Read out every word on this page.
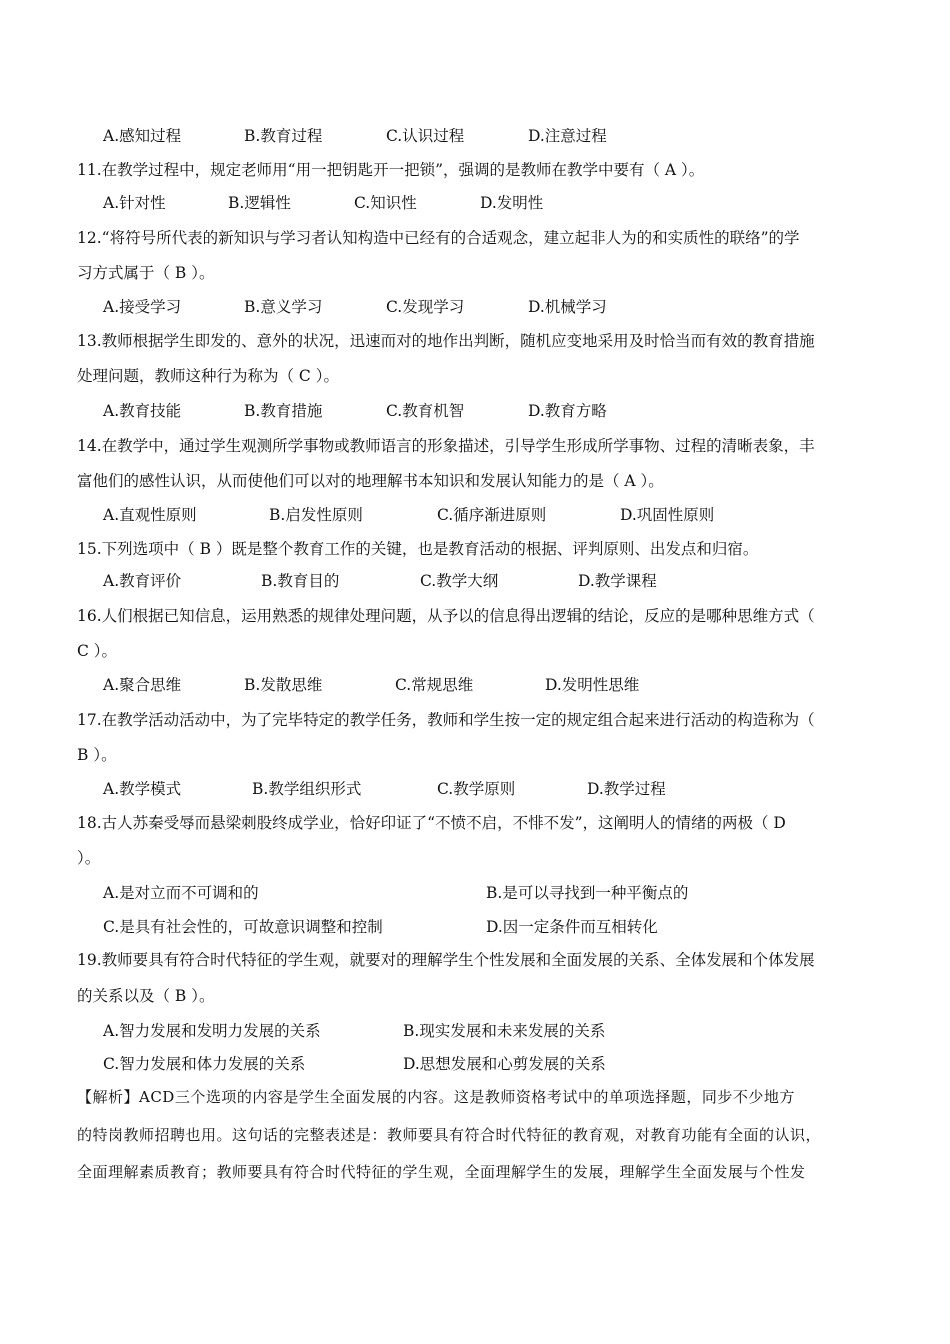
A.感知过程	B.教育过程	C.认识过程	D.注意过程
11.在教学过程中，规定老师用“用一把钥匙开一把锁”，强调的是教师在教学中要有（ A ）。
A.针对性	B.逻辑性	C.知识性	D.发明性
12.“将符号所代表的新知识与学习者认知构造中已经有的合适观念，建立起非人为的和实质性的联络”的学
习方式属于（ B ）。
A.接受学习	B.意义学习	C.发现学习	D.机械学习
13.教师根据学生即发的、意外的状况，迅速而对的地作出判断，随机应变地采用及时恰当而有效的教育措施
处理问题，教师这种行为称为（ C ）。
A.教育技能	B.教育措施	C.教育机智	D.教育方略
14.在教学中，通过学生观测所学事物或教师语言的形象描述，引导学生形成所学事物、过程的清晰表象，丰
富他们的感性认识，从而使他们可以对的地理解书本知识和发展认知能力的是（ A ）。
A.直观性原则	B.启发性原则	C.循序渐进原则	D.巩固性原则
15.下列选项中（ B ）既是整个教育工作的关键，也是教育活动的根据、评判原则、出发点和归宿。
A.教育评价	B.教育目的	C.教学大纲	D.教学课程
16.人们根据已知信息，运用熟悉的规律处理问题，从予以的信息得出逻辑的结论，反应的是哪种思维方式（
C ）。
A.聚合思维	B.发散思维	C.常规思维	D.发明性思维
17.在教学活动活动中，为了完毕特定的教学任务，教师和学生按一定的规定组合起来进行活动的构造称为（
B ）。
A.教学模式	B.教学组织形式	C.教学原则	D.教学过程
18.古人苏秦受辱而悬梁刺股终成学业，恰好印证了“不愤不启，不悱不发”，这阐明人的情绪的两极（ D
）。
A.是对立而不可调和的	B.是可以寻找到一种平衡点的
C.是具有社会性的，可故意识调整和控制	D.因一定条件而互相转化
19.教师要具有符合时代特征的学生观，就要对的理解学生个性发展和全面发展的关系、全体发展和个体发展
的关系以及（ B ）。
A.智力发展和发明力发展的关系	B.现实发展和未来发展的关系
C.智力发展和体力发展的关系	D.思想发展和心剪发展的关系
【解析】ACD三个选项的内容是学生全面发展的内容。这是教师资格考试中的单项选择题，同步不少地方
的特岗教师招聘也用。这句话的完整表述是：教师要具有符合时代特征的教育观，对教育功能有全面的认识，
全面理解素质教育；教师要具有符合时代特征的学生观，全面理解学生的发展，理解学生全面发展与个性发
